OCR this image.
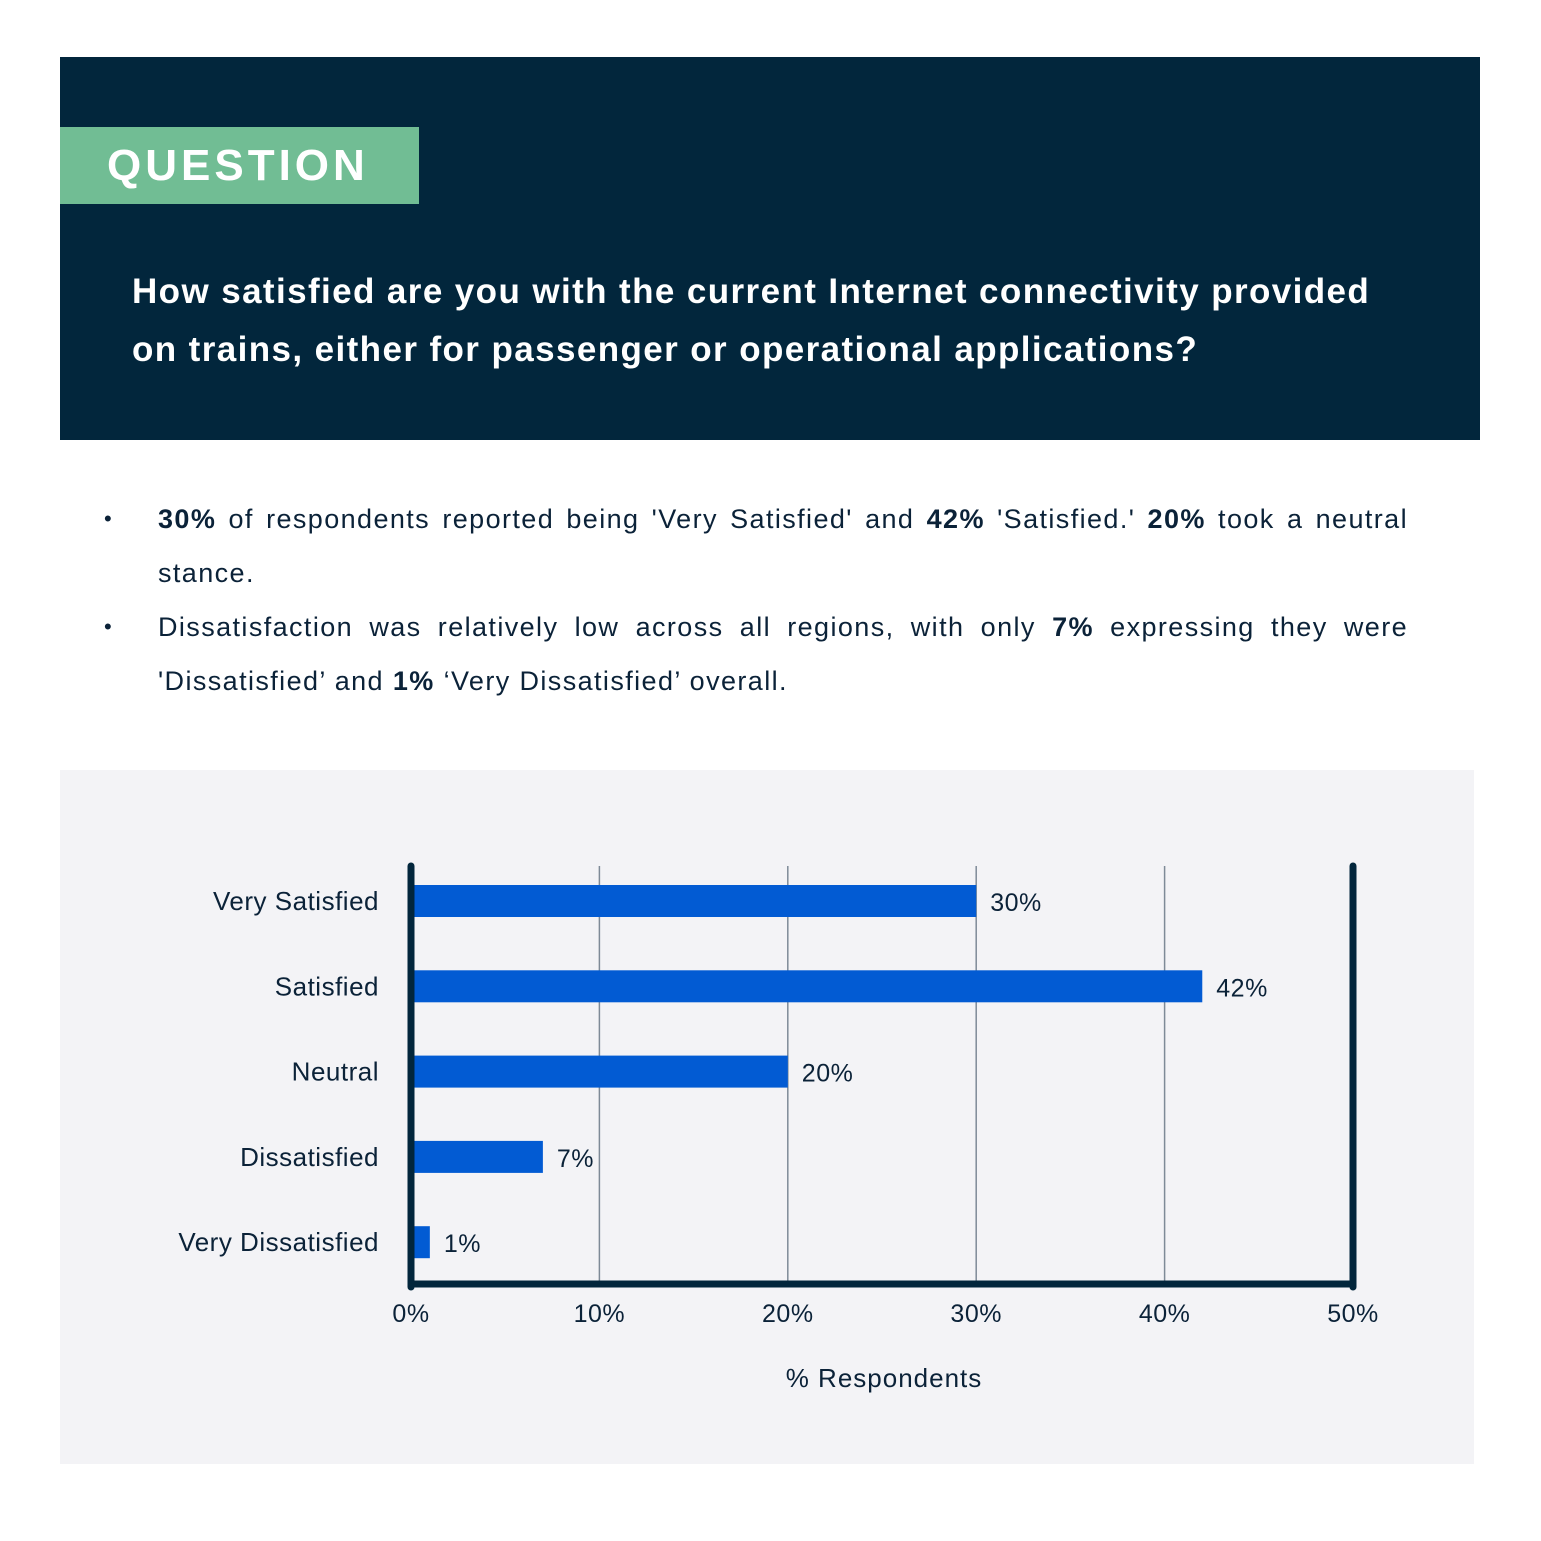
QUESTION
How satisfied are you with the current Internet connectivity provided
on trains, either for passenger or operational applications?
• 30% of respondents reported being 'Very Satisfied' and 42% 'Satisfied.' 20% took a neutral stance.
• Dissatisfaction was relatively low across all regions, with only 7% expressing they were 'Dissatisfied’ and 1% ‘Very Dissatisfied’ overall.
Very Satisfied	30%
Satisfied	42%
Neutral	20%
Dissatisfied	7%
Very Dissatisfied	1%
0%	10%	20%	30%	40%	50%
% Respondents
